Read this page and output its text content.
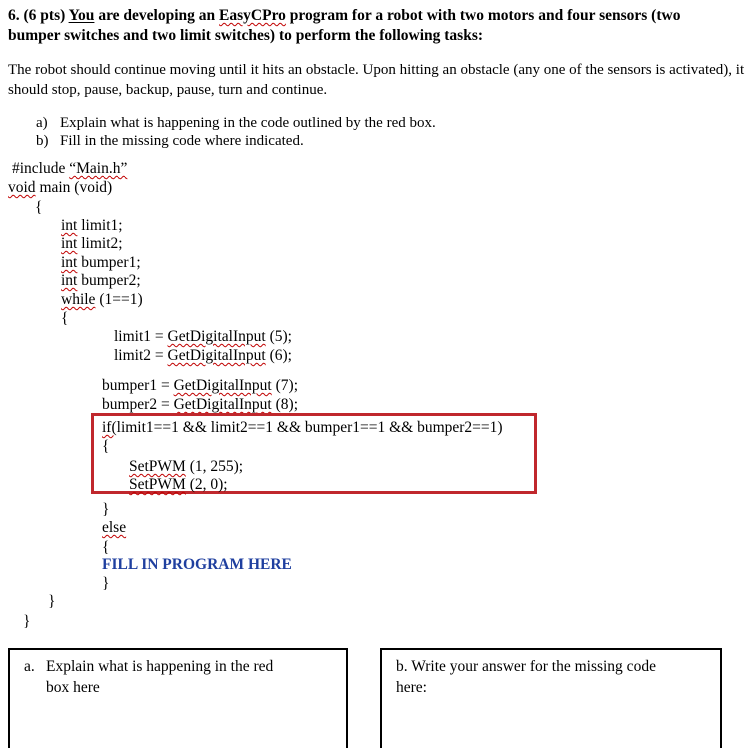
6. (6 pts) You are developing an EasyCPro program for a robot with two motors and four sensors (two
bumper switches and two limit switches) to perform the following tasks:
The robot should continue moving until it hits an obstacle. Upon hitting an obstacle (any one of the sensors is activated), it should stop, pause, backup, pause, turn and continue.
a) Explain what is happening in the code outlined by the red box.
b) Fill in the missing code where indicated.
#include “Main.h”
void main (void)
{
int limit1;
int limit2;
int bumper1;
int bumper2;
while (1==1)
{
limit1 = GetDigitalInput (5);
limit2 = GetDigitalInput (6);
bumper1 = GetDigitalInput (7);
bumper2 = GetDigitalInput (8);
if(limit1==1 && limit2==1 && bumper1==1 && bumper2==1)
{
SetPWM (1, 255);
SetPWM (2, 0);
}
else
{
FILL IN PROGRAM HERE
}
}
}
a. Explain what is happening in the red
box here
b. Write your answer for the missing code
here:
